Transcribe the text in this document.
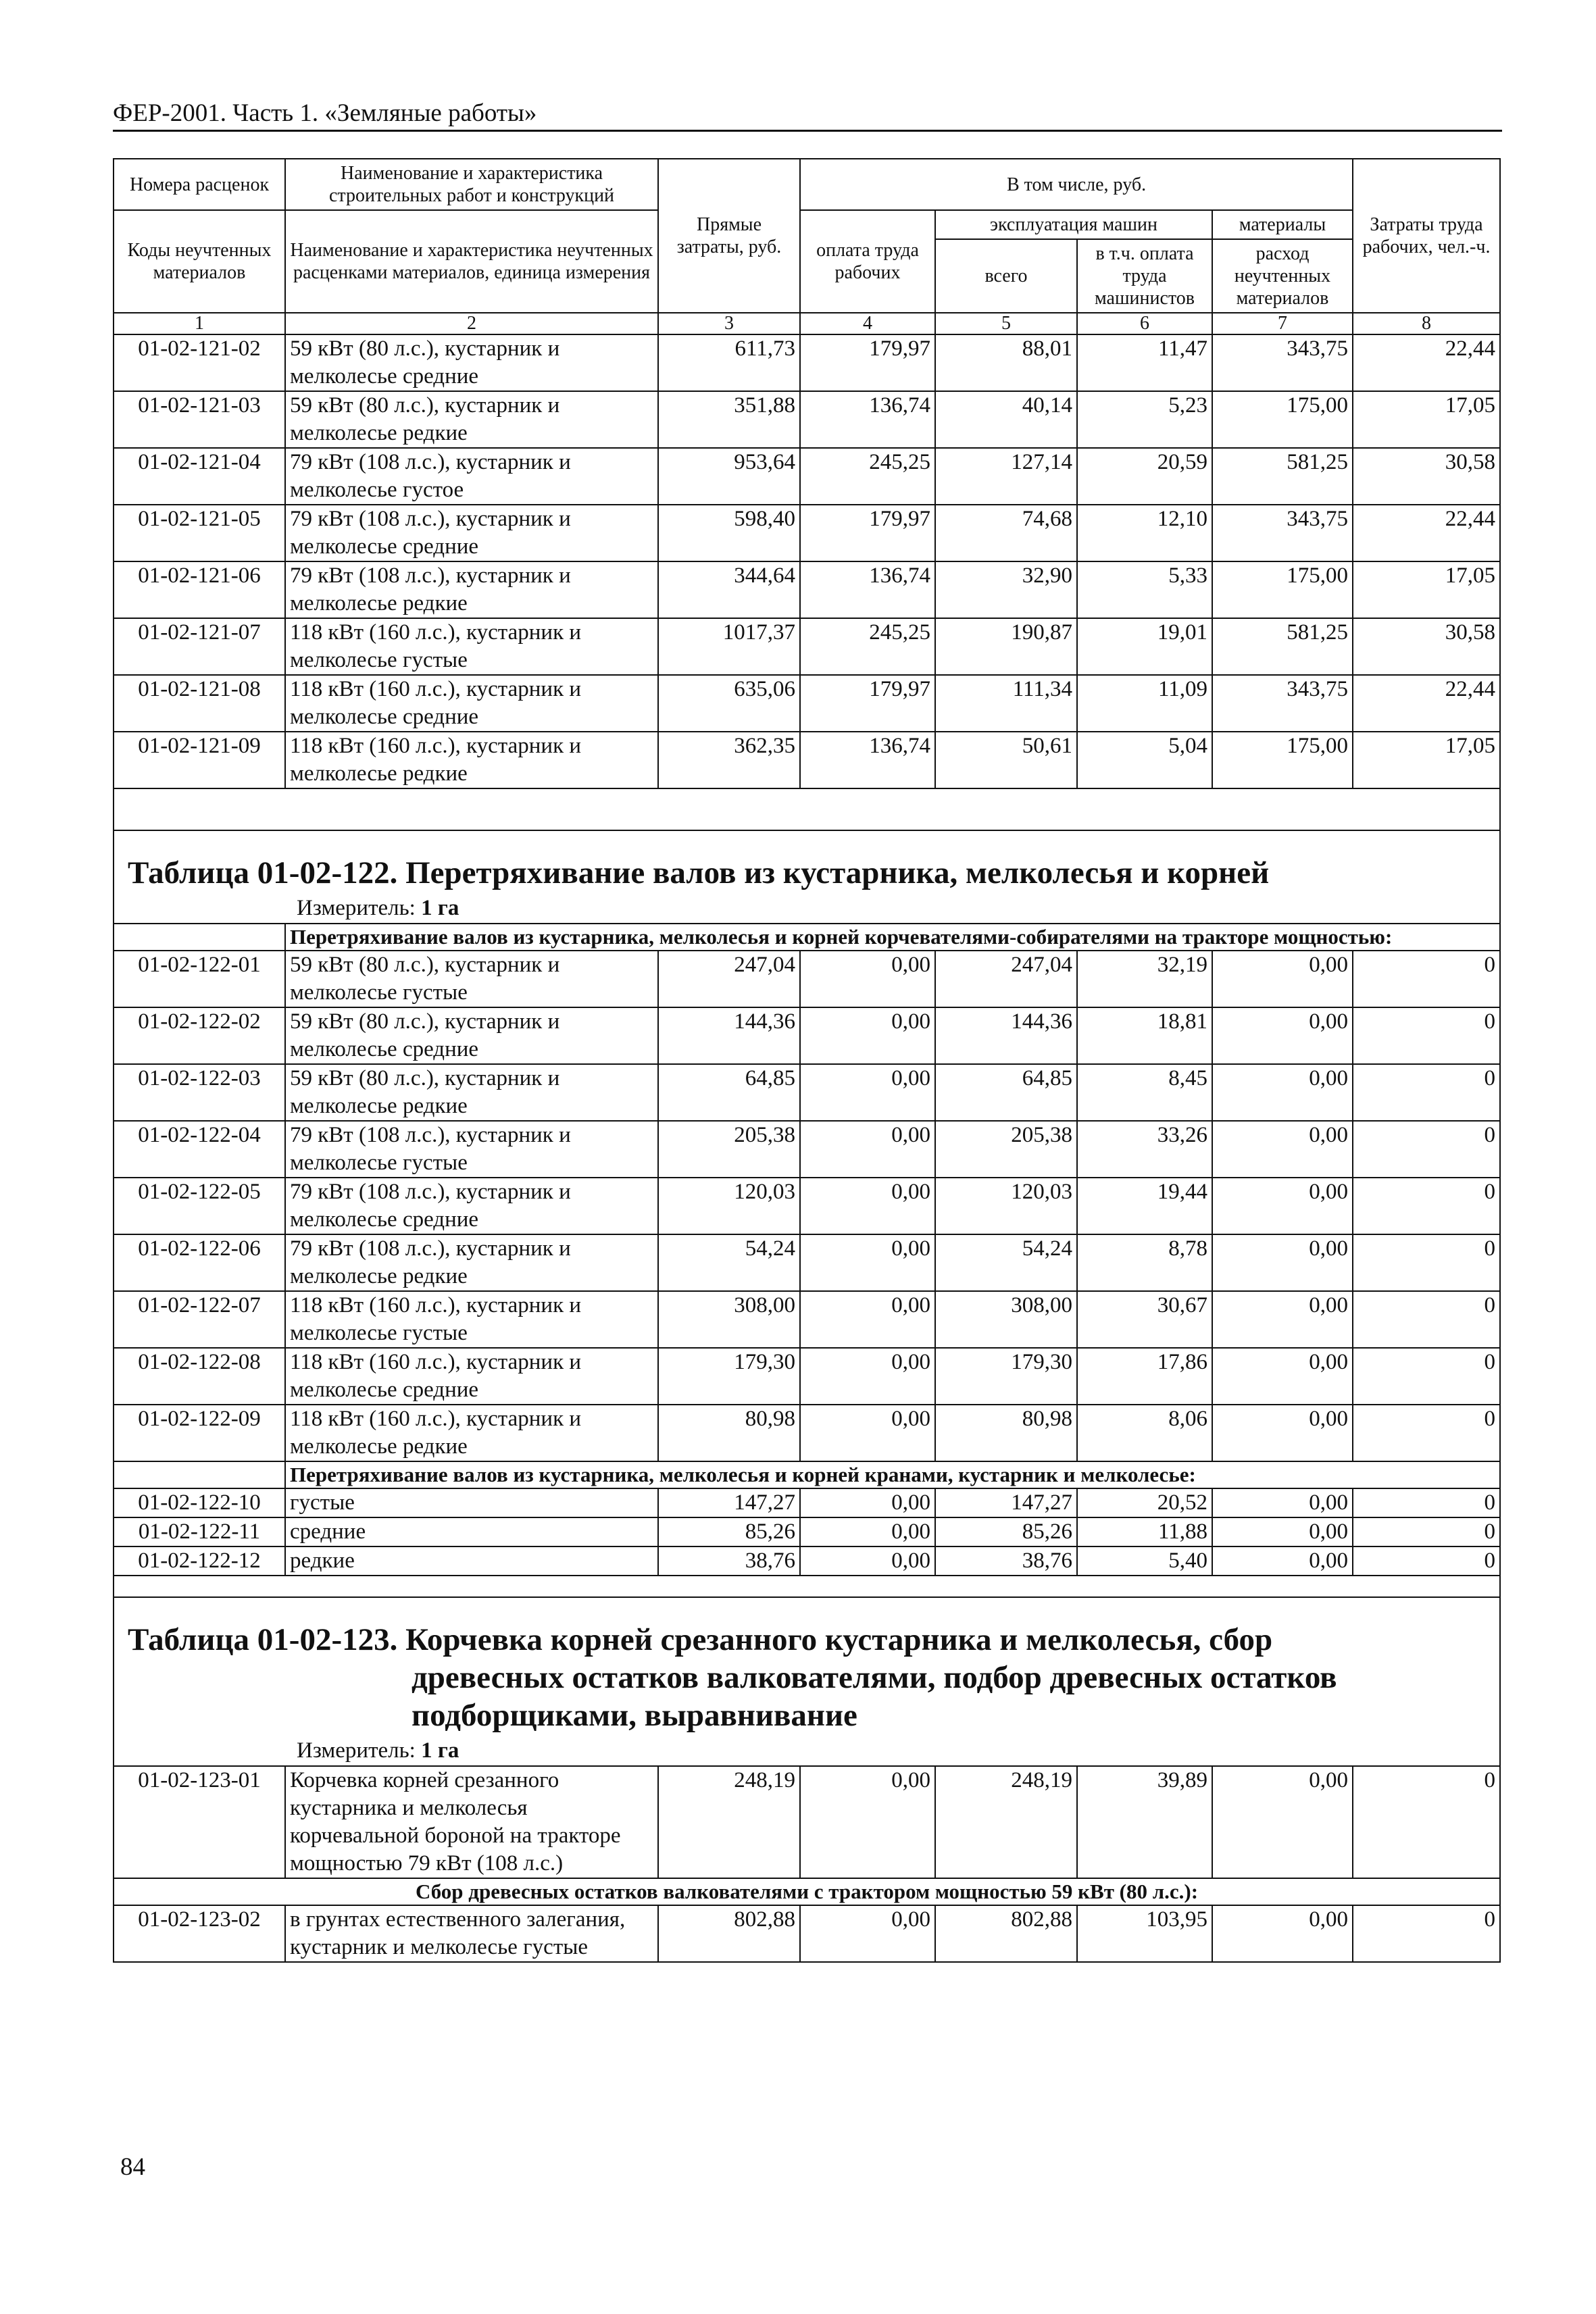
ФЕР-2001. Часть 1. «Земляные работы»
Номера расценок	Наименование и характеристика строительных работ и конструкций	Прямые затраты, руб.	В том числе, руб.				Затраты труда рабочих, чел.-ч.
Коды неучтенных материалов	Наименование и характеристика неучтенных расценками материалов, единица измерения		оплата труда рабочих	эксплуатация машин		материалы	
				всего	в т.ч. оплата труда машинистов	расход неучтенных материалов	
1	2	3	4	5	6	7	8
01-02-121-02	59 кВт (80 л.с.), кустарник и мелколесье средние	611,73	179,97	88,01	11,47	343,75	22,44
01-02-121-03	59 кВт (80 л.с.), кустарник и мелколесье редкие	351,88	136,74	40,14	5,23	175,00	17,05
01-02-121-04	79 кВт (108 л.с.), кустарник и мелколесье густое	953,64	245,25	127,14	20,59	581,25	30,58
01-02-121-05	79 кВт (108 л.с.), кустарник и мелколесье средние	598,40	179,97	74,68	12,10	343,75	22,44
01-02-121-06	79 кВт (108 л.с.), кустарник и мелколесье редкие	344,64	136,74	32,90	5,33	175,00	17,05
01-02-121-07	118 кВт (160 л.с.), кустарник и мелколесье густые	1017,37	245,25	190,87	19,01	581,25	30,58
01-02-121-08	118 кВт (160 л.с.), кустарник и мелколесье средние	635,06	179,97	111,34	11,09	343,75	22,44
01-02-121-09	118 кВт (160 л.с.), кустарник и мелколесье редкие	362,35	136,74	50,61	5,04	175,00	17,05

Таблица 01-02-122. Перетряхивание валов из кустарника, мелколесья и корней							
Измеритель: 1 га							
	Перетряхивание валов из кустарника, мелколесья и корней корчевателями-собирателями на тракторе мощностью:						
01-02-122-01	59 кВт (80 л.с.), кустарник и мелколесье густые	247,04	0,00	247,04	32,19	0,00	0
01-02-122-02	59 кВт (80 л.с.), кустарник и мелколесье средние	144,36	0,00	144,36	18,81	0,00	0
01-02-122-03	59 кВт (80 л.с.), кустарник и мелколесье редкие	64,85	0,00	64,85	8,45	0,00	0
01-02-122-04	79 кВт (108 л.с.), кустарник и мелколесье густые	205,38	0,00	205,38	33,26	0,00	0
01-02-122-05	79 кВт (108 л.с.), кустарник и мелколесье средние	120,03	0,00	120,03	19,44	0,00	0
01-02-122-06	79 кВт (108 л.с.), кустарник и мелколесье редкие	54,24	0,00	54,24	8,78	0,00	0
01-02-122-07	118 кВт (160 л.с.), кустарник и мелколесье густые	308,00	0,00	308,00	30,67	0,00	0
01-02-122-08	118 кВт (160 л.с.), кустарник и мелколесье средние	179,30	0,00	179,30	17,86	0,00	0
01-02-122-09	118 кВт (160 л.с.), кустарник и мелколесье редкие	80,98	0,00	80,98	8,06	0,00	0
	Перетряхивание валов из кустарника, мелколесья и корней кранами, кустарник и мелколесье:						
01-02-122-10	густые	147,27	0,00	147,27	20,52	0,00	0
01-02-122-11	средние	85,26	0,00	85,26	11,88	0,00	0
01-02-122-12	редкие	38,76	0,00	38,76	5,40	0,00	0

Таблица 01-02-123. Корчевка корней срезанного кустарника и мелколесья, сбор
древесных остатков валкователями, подбор древесных остатков
подборщиками, выравнивание							

Измеритель: 1 га							
01-02-123-01	Корчевка корней срезанного кустарника и мелколесья корчевальной бороной на тракторе мощностью 79 кВт (108 л.с.)	248,19	0,00	248,19	39,89	0,00	0
Сбор древесных остатков валкователями с трактором мощностью 59 кВт (80 л.с.):							
01-02-123-02	в грунтах естественного залегания, кустарник и мелколесье густые	802,88	0,00	802,88	103,95	0,00	0
84
